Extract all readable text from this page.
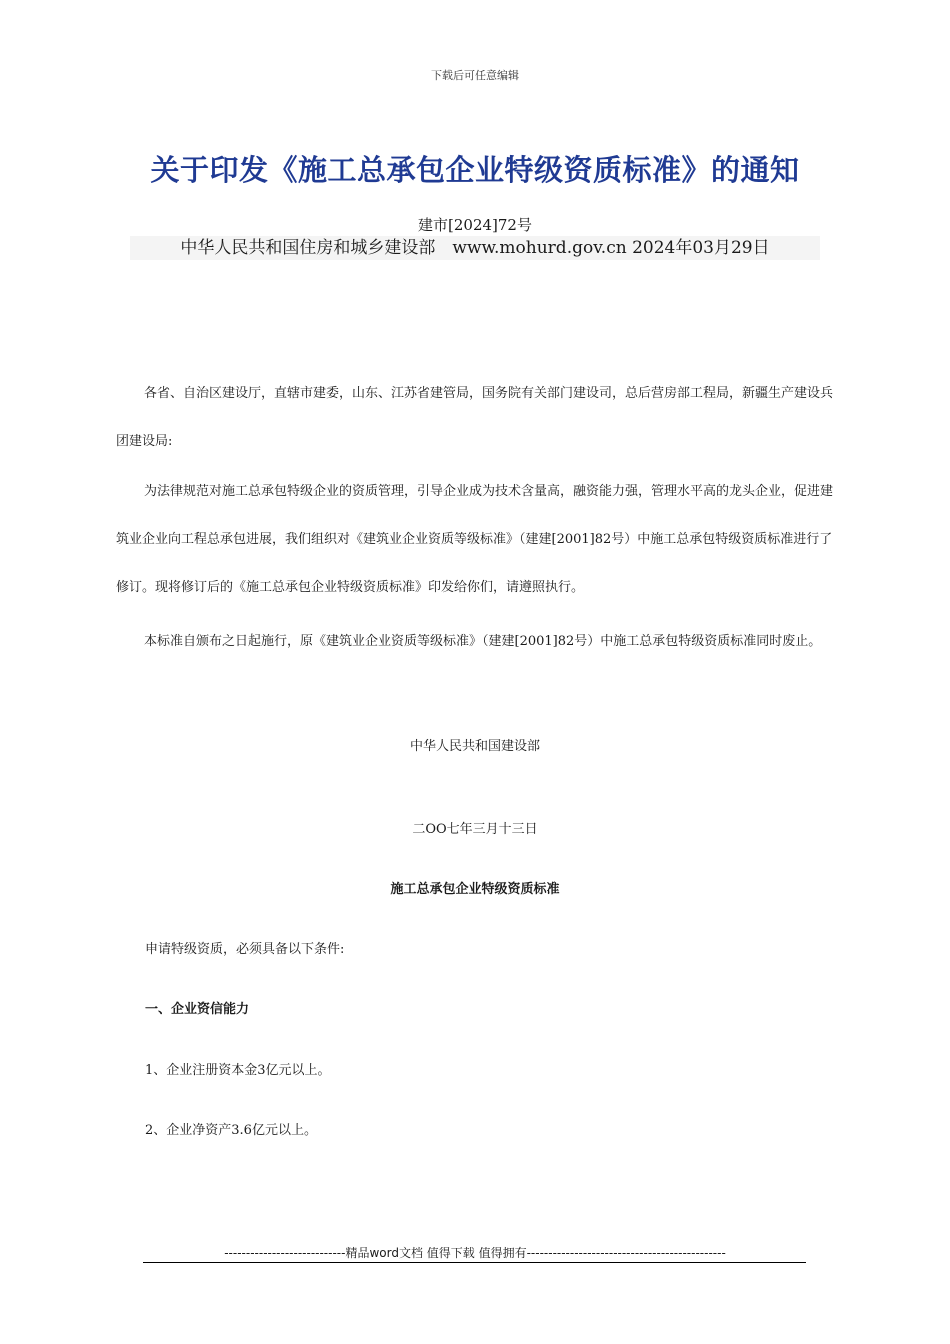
下载后可任意编辑
关于印发《施工总承包企业特级资质标准》的通知
建市[2024]72号
中华人民共和国住房和城乡建设部　www.mohurd.gov.cn 2024年03月29日

各省、自治区建设厅，直辖市建委，山东、江苏省建管局，国务院有关部门建设司，总后营房部工程局，新疆生产建设兵团建设局:

为法律规范对施工总承包特级企业的资质管理，引导企业成为技术含量高，融资能力强，管理水平高的龙头企业，促进建筑业企业向工程总承包进展，我们组织对《建筑业企业资质等级标准》（建建[2001]82号）中施工总承包特级资质标准进行了修订。现将修订后的《施工总承包企业特级资质标准》印发给你们，请遵照执行。

本标准自颁布之日起施行，原《建筑业企业资质等级标准》（建建[2001]82号）中施工总承包特级资质标准同时废止。

中华人民共和国建设部
二OO七年三月十三日
施工总承包企业特级资质标准
申请特级资质，必须具备以下条件:
一、企业资信能力
1、企业注册资本金3亿元以上。
2、企业净资产3.6亿元以上。
----------------------------精品word文档 值得下载 值得拥有----------------------------------------------
